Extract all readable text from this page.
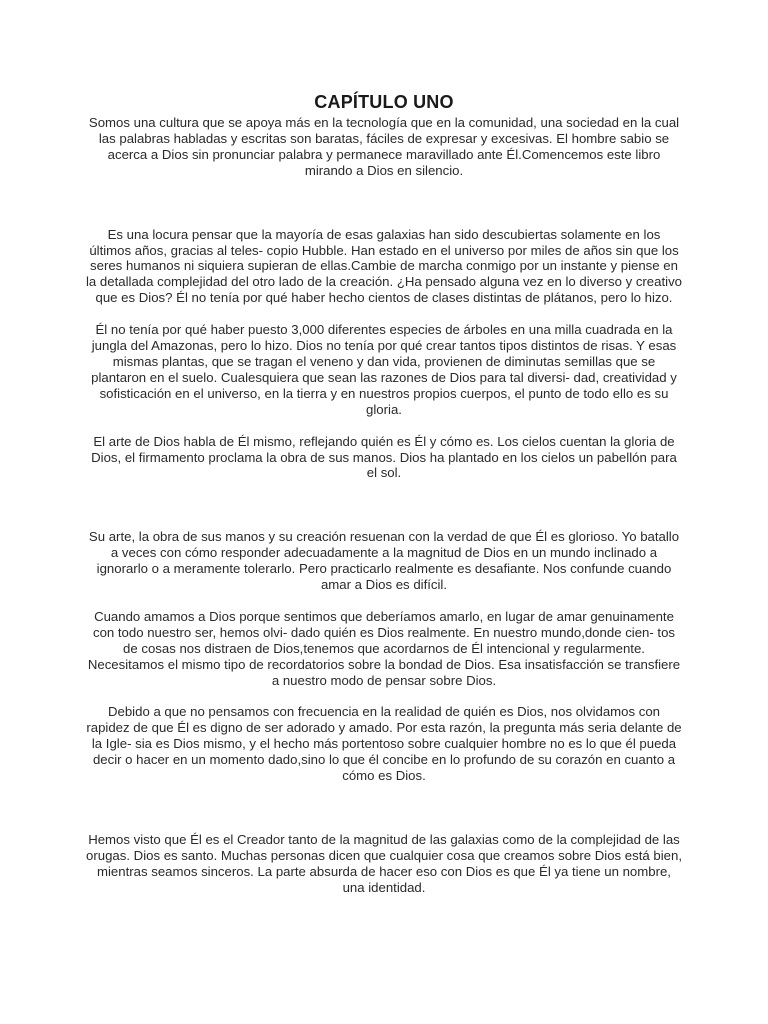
CAPÍTULO UNO

Somos una cultura que se apoya más en la tecnología que en la comunidad, una sociedad en la cual las palabras habladas y escritas son baratas, fáciles de expresar y excesivas. El hombre sabio se acerca a Dios sin pronunciar palabra y permanece maravillado ante Él.Comencemos este libro mirando a Dios en silencio.

Es una locura pensar que la mayoría de esas galaxias han sido descubiertas solamente en los últimos años, gracias al teles- copio Hubble. Han estado en el universo por miles de años sin que los seres humanos ni siquiera supieran de ellas.Cambie de marcha conmigo por un instante y piense en la detallada complejidad del otro lado de la creación. ¿Ha pensado alguna vez en lo diverso y creativo que es Dios? Él no tenía por qué haber hecho cientos de clases distintas de plátanos, pero lo hizo.

Él no tenía por qué haber puesto 3,000 diferentes especies de árboles en una milla cuadrada en la jungla del Amazonas, pero lo hizo. Dios no tenía por qué crear tantos tipos distintos de risas. Y esas mismas plantas, que se tragan el veneno y dan vida, provienen de diminutas semillas que se plantaron en el suelo. Cualesquiera que sean las razones de Dios para tal diversi- dad, creatividad y sofisticación en el universo, en la tierra y en nuestros propios cuerpos, el punto de todo ello es su gloria.

El arte de Dios habla de Él mismo, reflejando quién es Él y cómo es. Los cielos cuentan la gloria de Dios, el firmamento proclama la obra de sus manos. Dios ha plantado en los cielos un pabellón para el sol.

Su arte, la obra de sus manos y su creación resuenan con la verdad de que Él es glorioso. Yo batallo a veces con cómo responder adecuadamente a la magnitud de Dios en un mundo inclinado a ignorarlo o a meramente tolerarlo. Pero practicarlo realmente es desafiante. Nos confunde cuando amar a Dios es difícil.

Cuando amamos a Dios porque sentimos que deberíamos amarlo, en lugar de amar genuinamente con todo nuestro ser, hemos olvi- dado quién es Dios realmente. En nuestro mundo,donde cien- tos de cosas nos distraen de Dios,tenemos que acordarnos de Él intencional y regularmente. Necesitamos el mismo tipo de recordatorios sobre la bondad de Dios. Esa insatisfacción se transfiere a nuestro modo de pensar sobre Dios.

Debido a que no pensamos con frecuencia en la realidad de quién es Dios, nos olvidamos con rapidez de que Él es digno de ser adorado y amado. Por esta razón, la pregunta más seria delante de la Igle- sia es Dios mismo, y el hecho más portentoso sobre cualquier hombre no es lo que él pueda decir o hacer en un momento dado,sino lo que él concibe en lo profundo de su corazón en cuanto a cómo es Dios.

Hemos visto que Él es el Creador tanto de la magnitud de las galaxias como de la complejidad de las orugas. Dios es santo. Muchas personas dicen que cualquier cosa que creamos sobre Dios está bien, mientras seamos sinceros. La parte absurda de hacer eso con Dios es que Él ya tiene un nombre, una identidad.
